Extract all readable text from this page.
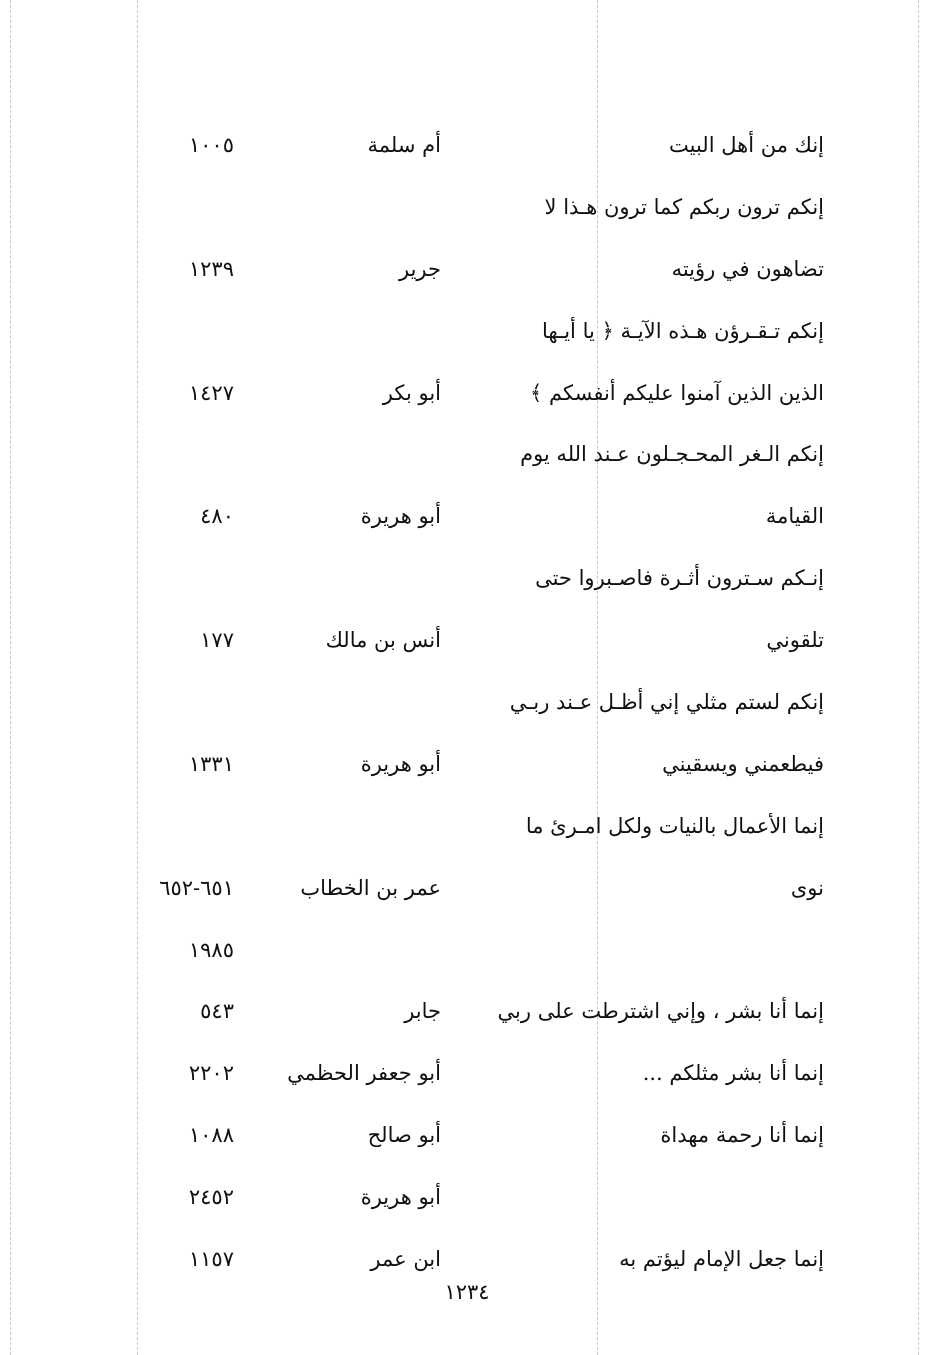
إنك من أهل البيت
أم سلمة
١٠٠٥
إنكم ترون ربكم كما ترون هـذا لا
تضاهون في رؤيته
جرير
١٢٣٩
إنكم تـقـرؤن هـذه الآيـة ﴿ يا أيـها
الذين الذين آمنوا عليكم أنفسكم ﴾
أبو بكر
١٤٢٧
إنكم الـغر المحـجـلون عـند الله يوم
القيامة
أبو هريرة
٤٨٠
إنـكم سـترون أثـرة فاصـبروا حتى
تلقوني
أنس بن مالك
١٧٧
إنكم لستم مثلي إني أظـل عـند ربـي
فيطعمني ويسقيني
أبو هريرة
١٣٣١
إنما الأعمال بالنيات ولكل امـرئ ما
نوى
عمر بن الخطاب
٦٥١-٦٥٢
١٩٨٥
إنما أنا بشر ، وإني اشترطت على ربي
جابر
٥٤٣
إنما أنا بشر مثلكم ...
أبو جعفر الحظمي
٢٢٠٢
إنما أنا رحمة مهداة
أبو صالح
١٠٨٨
أبو هريرة
٢٤٥٢
إنما جعل الإمام ليؤتم به
ابن عمر
١١٥٧
١٢٣٤
